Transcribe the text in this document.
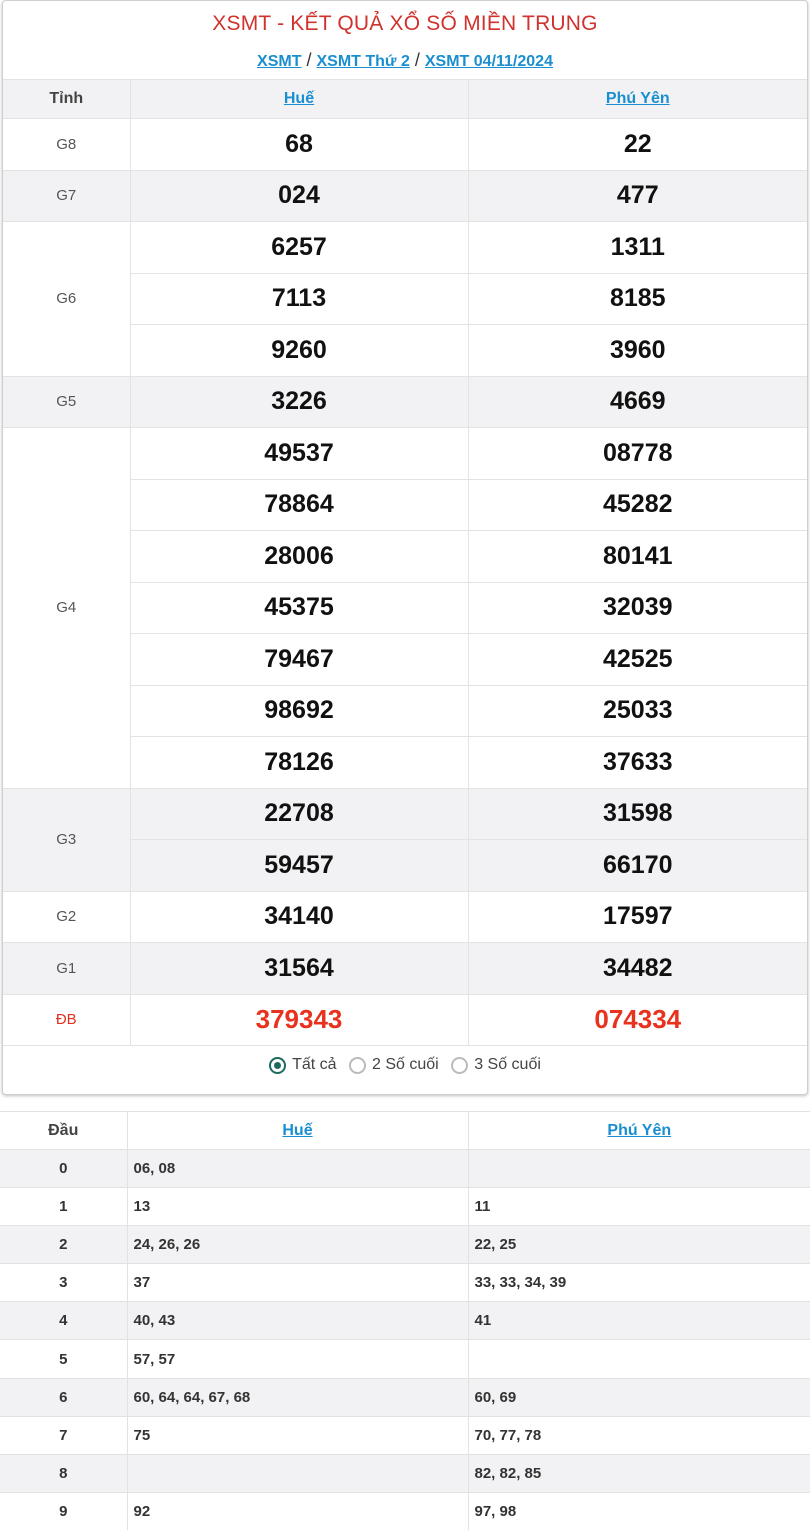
XSMT - KẾT QUẢ XỔ SỐ MIỀN TRUNG
XSMT / XSMT Thứ 2 / XSMT 04/11/2024
Tỉnh	Huế	Phú Yên
G8	68	22
G7	024	477
G6	6257	1311
	7113	8185
	9260	3960
G5	3226	4669
G4	49537	08778
	78864	45282
	28006	80141
	45375	32039
	79467	42525
	98692	25033
	78126	37633
G3	22708	31598
	59457	66170
G2	34140	17597
G1	31564	34482
ĐB	379343	074334
Tất cả
2 Số cuối
3 Số cuối
Đầu	Huế	Phú Yên
0	06, 08	
1	13	11
2	24, 26, 26	22, 25
3	37	33, 33, 34, 39
4	40, 43	41
5	57, 57	
6	60, 64, 64, 67, 68	60, 69
7	75	70, 77, 78
8		82, 82, 85
9	92	97, 98
